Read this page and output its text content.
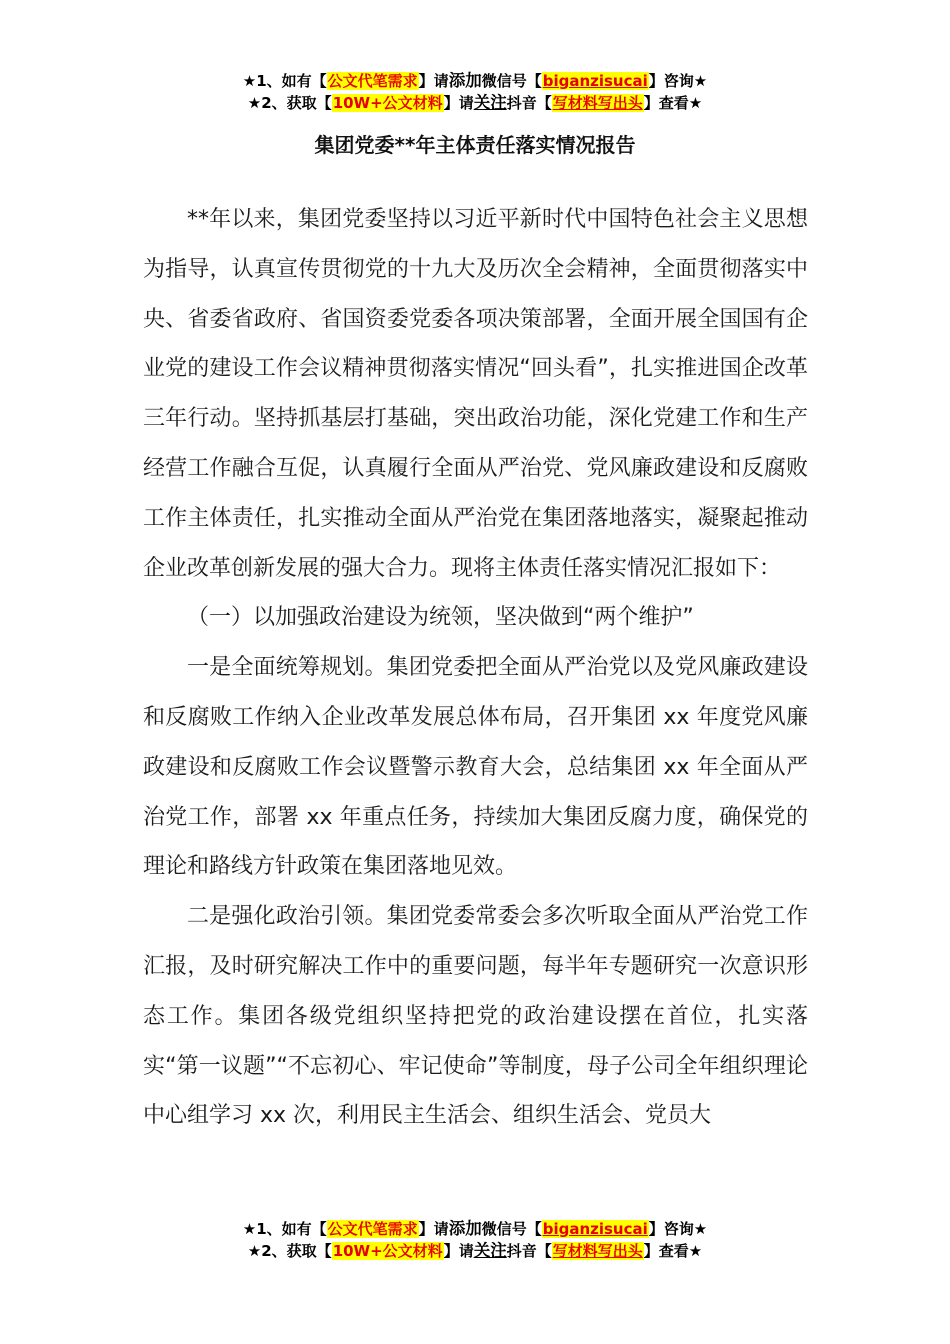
★1、如有【公文代笔需求】请添加微信号【biganzisucai】咨询★
★2、获取【10W+公文材料】请关注抖音【写材料写出头】查看★
集团党委**年主体责任落实情况报告

**年以来，集团党委坚持以习近平新时代中国特色社会主义思想为指导，认真宣传贯彻党的十九大及历次全会精神，全面贯彻落实中央、省委省政府、省国资委党委各项决策部署，全面开展全国国有企业党的建设工作会议精神贯彻落实情况“回头看”，扎实推进国企改革三年行动。坚持抓基层打基础，突出政治功能，深化党建工作和生产经营工作融合互促，认真履行全面从严治党、党风廉政建设和反腐败工作主体责任，扎实推动全面从严治党在集团落地落实，凝聚起推动企业改革创新发展的强大合力。现将主体责任落实情况汇报如下：

（一）以加强政治建设为统领，坚决做到“两个维护”

一是全面统筹规划。集团党委把全面从严治党以及党风廉政建设和反腐败工作纳入企业改革发展总体布局，召开集团 xx 年度党风廉政建设和反腐败工作会议暨警示教育大会，总结集团 xx 年全面从严治党工作，部署 xx 年重点任务，持续加大集团反腐力度，确保党的理论和路线方针政策在集团落地见效。

二是强化政治引领。集团党委常委会多次听取全面从严治党工作汇报，及时研究解决工作中的重要问题，每半年专题研究一次意识形态工作。集团各级党组织坚持把党的政治建设摆在首位，扎实落实“第一议题”“不忘初心、牢记使命”等制度，母子公司全年组织理论中心组学习 xx 次，利用民主生活会、组织生活会、党员大

★1、如有【公文代笔需求】请添加微信号【biganzisucai】咨询★
★2、获取【10W+公文材料】请关注抖音【写材料写出头】查看★
